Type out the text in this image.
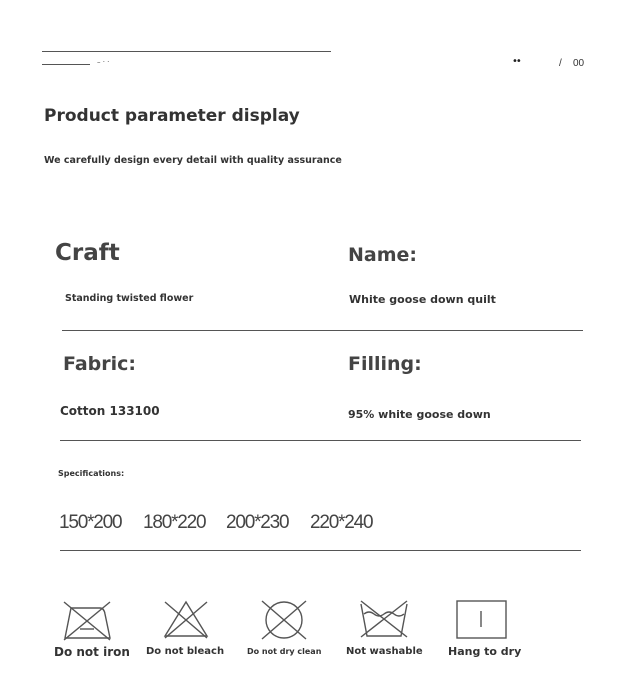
– · ·	••	/ 00
Product parameter display
We carefully design every detail with quality assurance
Craft
Standing twisted flower
Name:
White goose down quilt
Fabric:
Cotton 133100
Filling:
95% white goose down
Specifications:
150*200 180*220 200*230 220*240
Do not iron Do not bleach	Do not dry clean Not washable Hang to dry
